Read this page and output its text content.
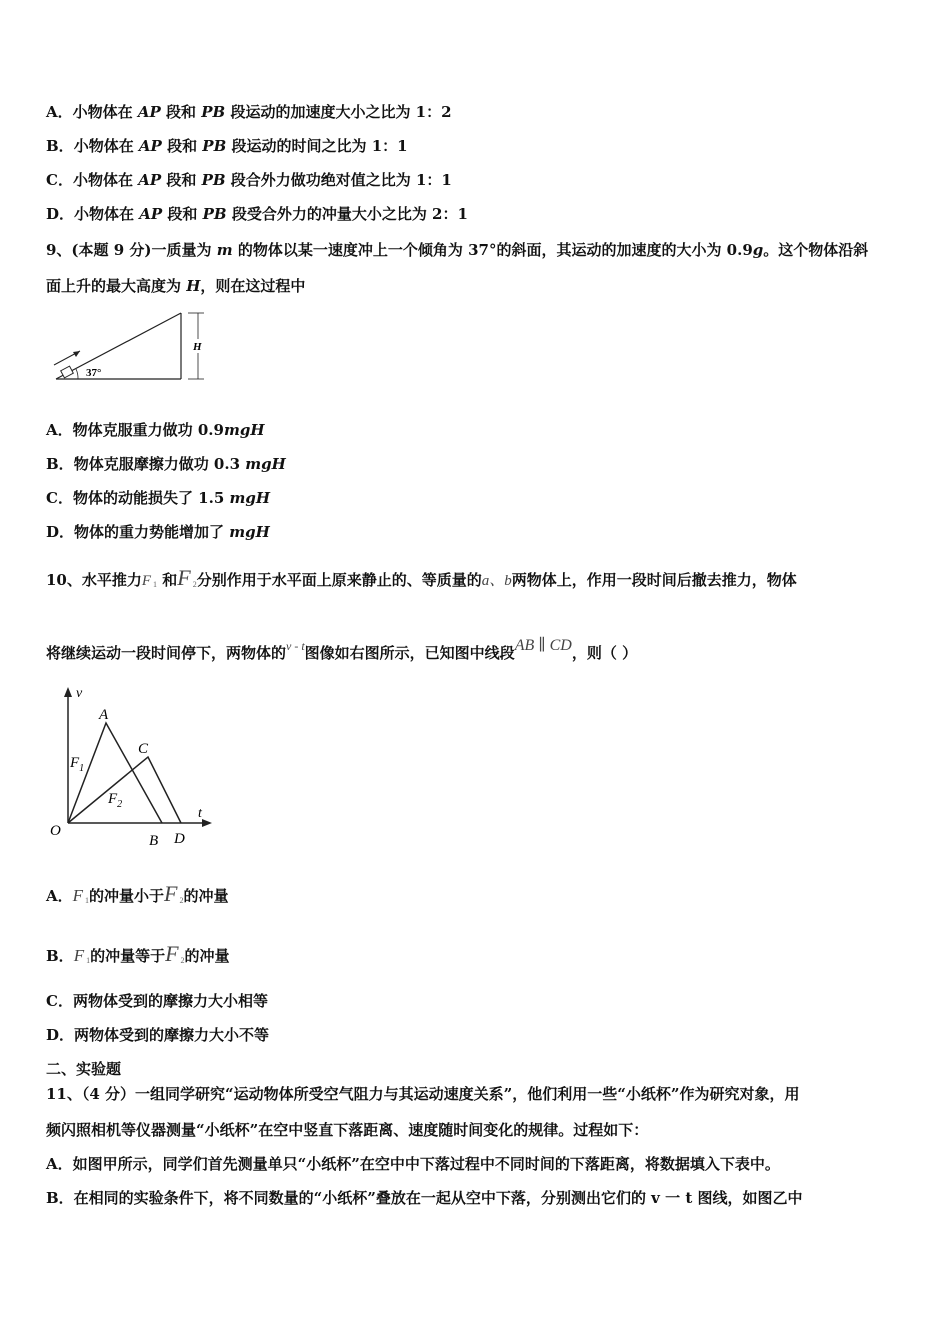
A．小物体在 AP 段和 PB 段运动的加速度大小之比为 1：2
B．小物体在 AP 段和 PB 段运动的时间之比为 1：1
C．小物体在 AP 段和 PB 段合外力做功绝对值之比为 1：1
D．小物体在 AP 段和 PB 段受合外力的冲量大小之比为 2：1
9、(本题 9 分)一质量为 m 的物体以某一速度冲上一个倾角为 37°的斜面，其运动的加速度的大小为 0.9g。这个物体沿斜
面上升的最大高度为 H，则在这过程中
37°
H
A．物体克服重力做功 0.9mgH
B．物体克服摩擦力做功 0.3 mgH
C．物体的动能损失了 1.5 mgH
D．物体的重力势能增加了 mgH
10、水平推力F $_1$ 和F $_2$分别作用于水平面上原来静止的、等质量的a、b两物体上，作用一段时间后撤去推力，物体
将继续运动一段时间停下，两物体的$^{v - t}$图像如右图所示，已知图中线段AB ∥ CD，则（ ）
v
t
O
A
B
C
D
$F_1$
$F_2$
A．F $_1$的冲量小于F $_2$的冲量
B．F $_1$的冲量等于F $_2$的冲量
C．两物体受到的摩擦力大小相等
D．两物体受到的摩擦力大小不等
二、实验题
11、（4 分）一组同学研究“运动物体所受空气阻力与其运动速度关系”，他们利用一些“小纸杯”作为研究对象，用
频闪照相机等仪器测量“小纸杯”在空中竖直下落距离、速度随时间变化的规律。过程如下：
A．如图甲所示，同学们首先测量单只“小纸杯”在空中中下落过程中不同时间的下落距离，将数据填入下表中。
B．在相同的实验条件下，将不同数量的“小纸杯”叠放在一起从空中下落，分别测出它们的 v 一 t 图线，如图乙中
